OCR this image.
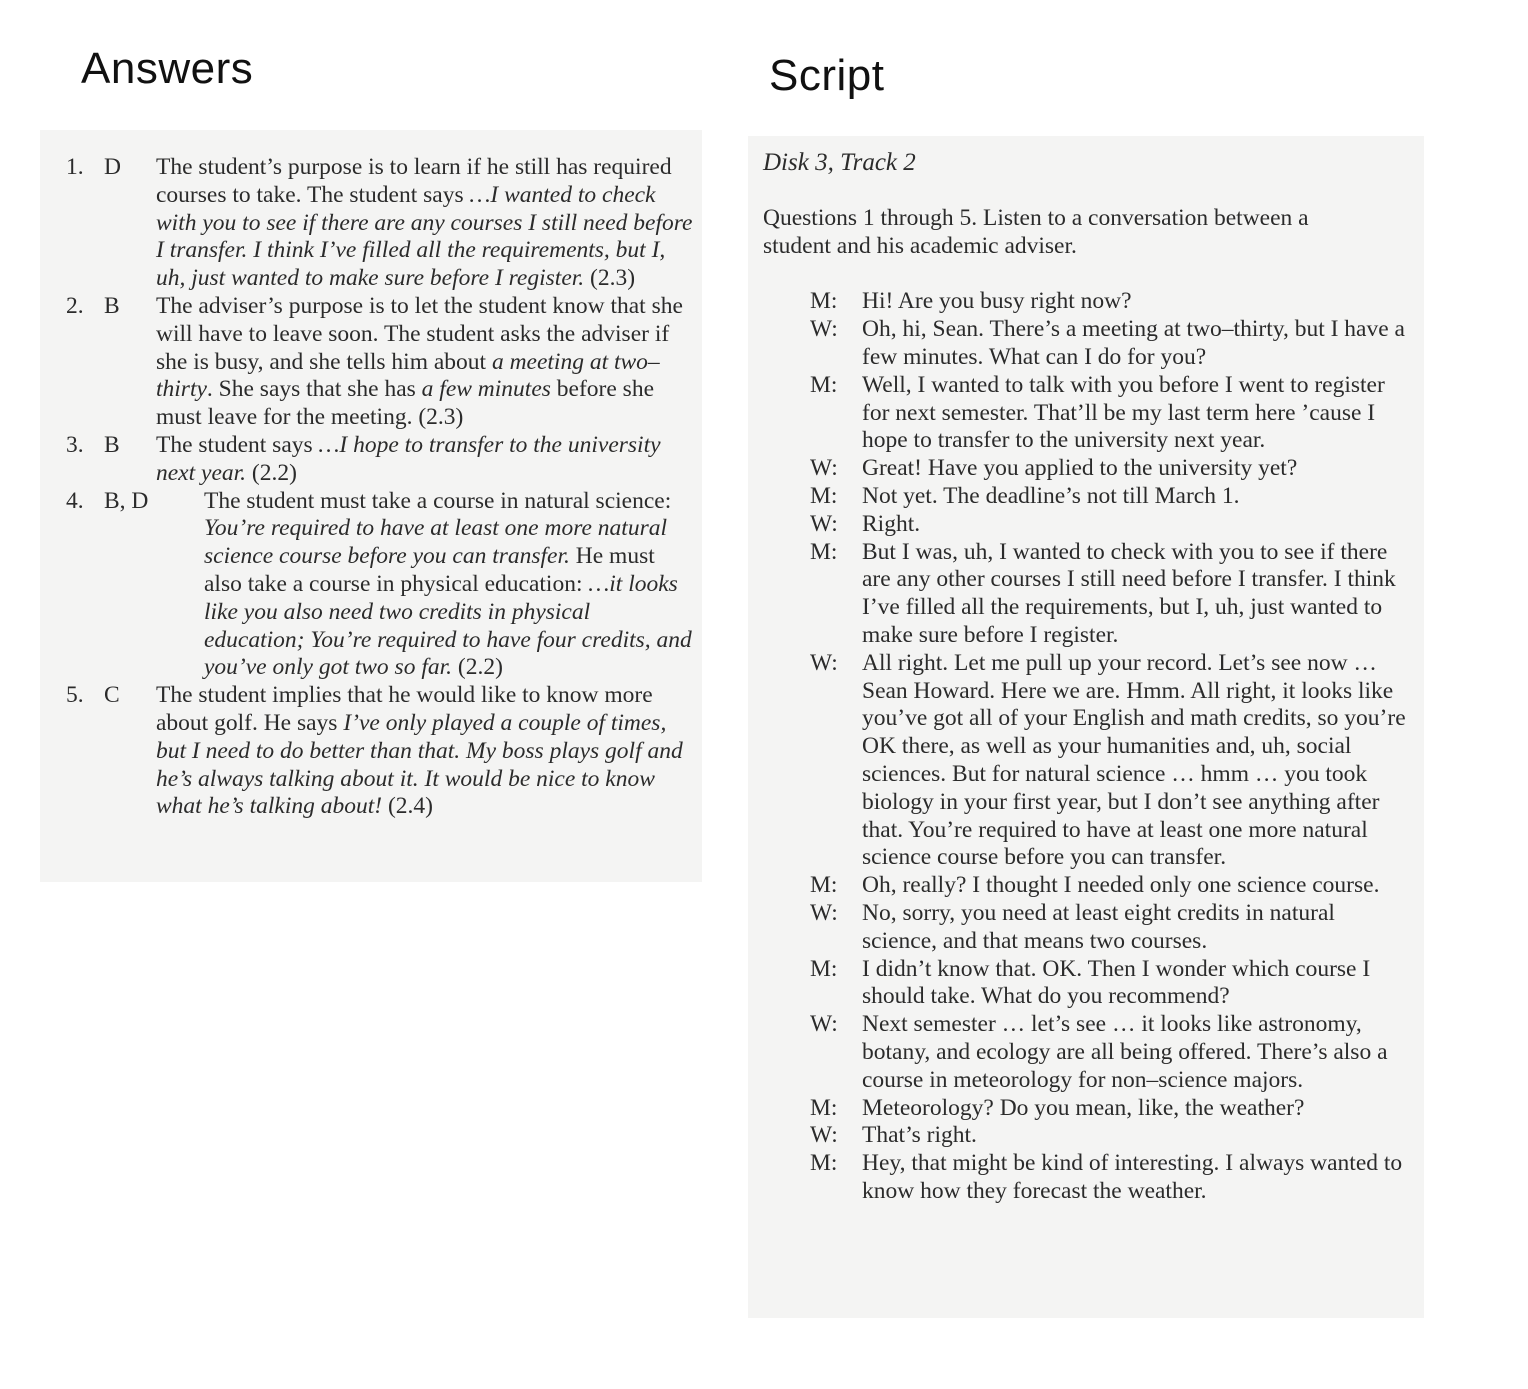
Answers	Script
1. D	The student’s purpose is to learn if he still has required courses to take. The student says …I wanted to check with you to see if there are any courses I still need before I transfer. I think I’ve filled all the requirements, but I, uh, just wanted to make sure before I register. (2.3)
2. B	The adviser’s purpose is to let the student know that she will have to leave soon. The student asks the adviser if she is busy, and she tells him about a meeting at two–thirty. She says that she has a few minutes before she must leave for the meeting. (2.3)
3. B	The student says …I hope to transfer to the university next year. (2.2)
4. B, D	The student must take a course in natural science: You’re required to have at least one more natural science course before you can transfer. He must also take a course in physical education: …it looks like you also need two credits in physical education; You’re required to have four credits, and you’ve only got two so far. (2.2)
5. C	The student implies that he would like to know more about golf. He says I’ve only played a couple of times, but I need to do better than that. My boss plays golf and he’s always talking about it. It would be nice to know what he’s talking about! (2.4)
Disk 3, Track 2
Questions 1 through 5. Listen to a conversation between a student and his academic adviser.
M:	Hi! Are you busy right now?
W:	Oh, hi, Sean. There’s a meeting at two–thirty, but I have a few minutes. What can I do for you?
M:	Well, I wanted to talk with you before I went to register for next semester. That’ll be my last term here ’cause I hope to transfer to the university next year.
W:	Great! Have you applied to the university yet?
M:	Not yet. The deadline’s not till March 1.
W:	Right.
M:	But I was, uh, I wanted to check with you to see if there are any other courses I still need before I transfer. I think I’ve filled all the requirements, but I, uh, just wanted to make sure before I register.
W:	All right. Let me pull up your record. Let’s see now … Sean Howard. Here we are. Hmm. All right, it looks like you’ve got all of your English and math credits, so you’re OK there, as well as your humanities and, uh, social sciences. But for natural science … hmm … you took biology in your first year, but I don’t see anything after that. You’re required to have at least one more natural science course before you can transfer.
M:	Oh, really? I thought I needed only one science course.
W:	No, sorry, you need at least eight credits in natural science, and that means two courses.
M:	I didn’t know that. OK. Then I wonder which course I should take. What do you recommend?
W:	Next semester … let’s see … it looks like astronomy, botany, and ecology are all being offered. There’s also a course in meteorology for non–science majors.
M:	Meteorology? Do you mean, like, the weather?
W:	That’s right.
M:	Hey, that might be kind of interesting. I always wanted to know how they forecast the weather.
